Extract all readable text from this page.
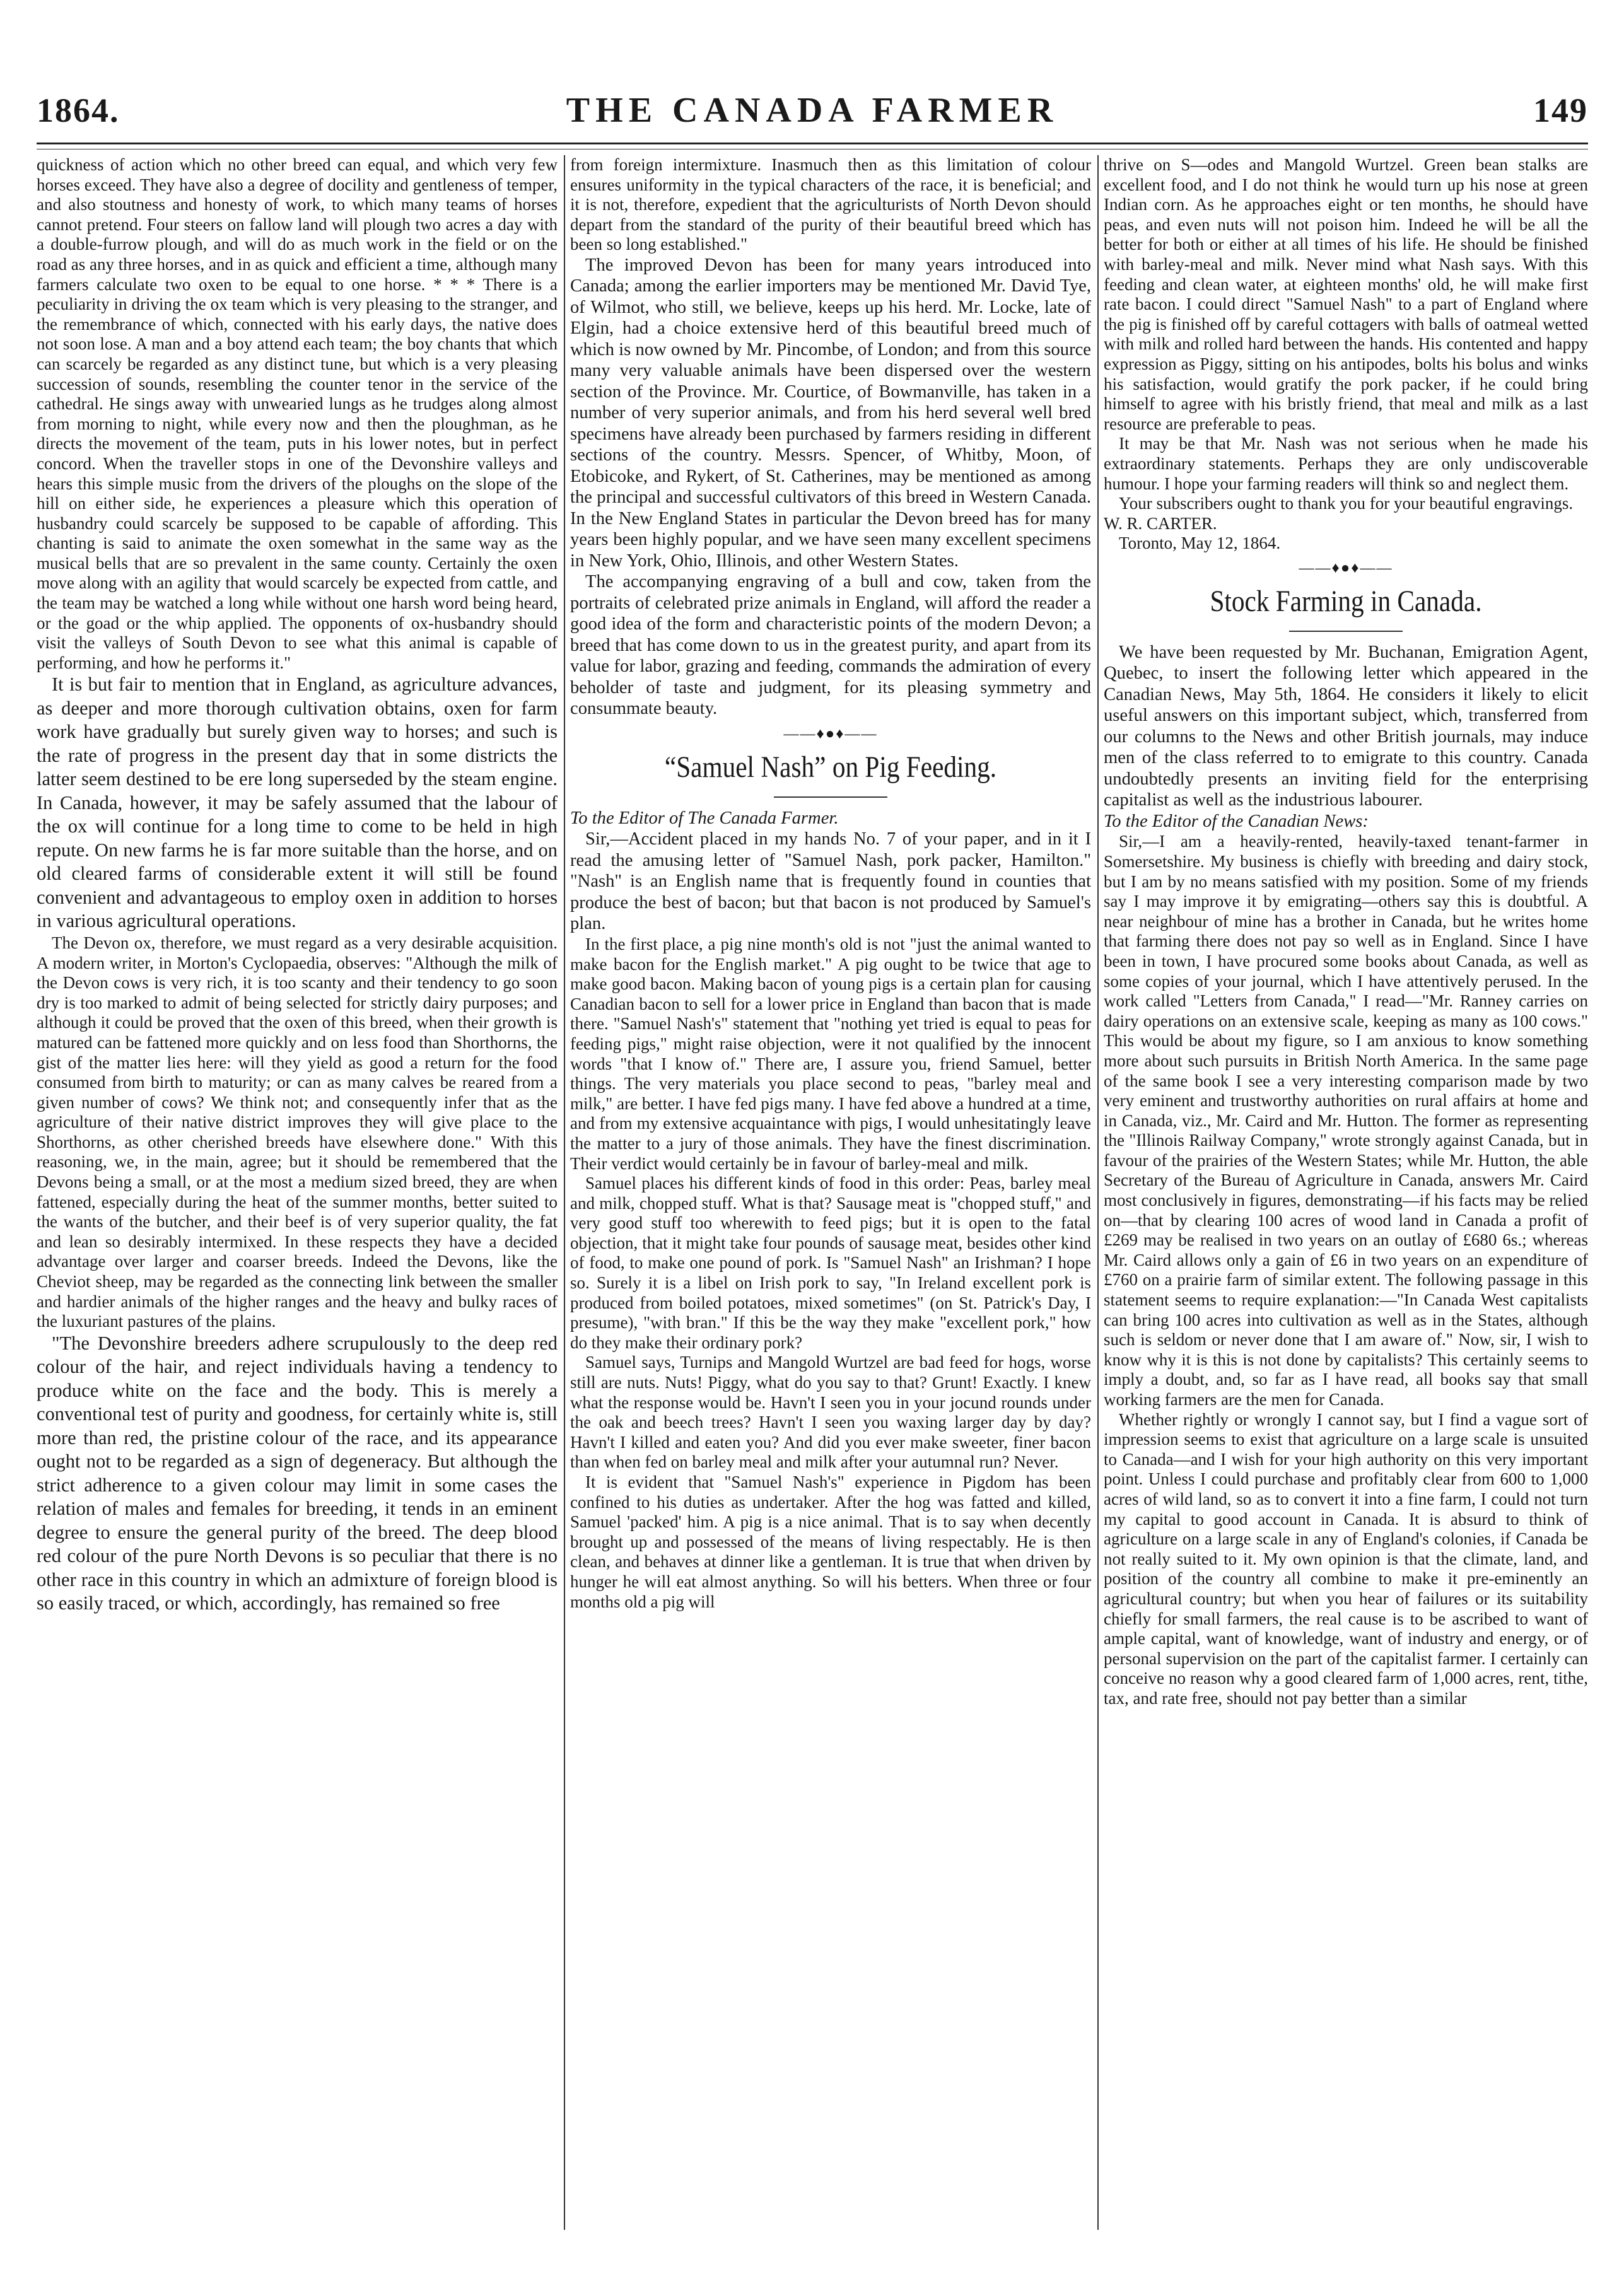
1864.	THE CANADA FARMER	149

quickness of action which no other breed can equal, and which very few horses exceed. They have also a degree of docility and gentleness of temper, and also stoutness and honesty of work, to which many teams of horses cannot pretend. Four steers on fallow land will plough two acres a day with a double-furrow plough, and will do as much work in the field or on the road as any three horses, and in as quick and efficient a time, although many farmers calculate two oxen to be equal to one horse. * * * There is a peculiarity in driving the ox team which is very pleasing to the stranger, and the remembrance of which, connected with his early days, the native does not soon lose. A man and a boy attend each team; the boy chants that which can scarcely be regarded as any distinct tune, but which is a very pleasing succession of sounds, resembling the counter tenor in the service of the cathedral. He sings away with unwearied lungs as he trudges along almost from morning to night, while every now and then the ploughman, as he directs the movement of the team, puts in his lower notes, but in perfect concord. When the traveller stops in one of the Devonshire valleys and hears this simple music from the drivers of the ploughs on the slope of the hill on either side, he experiences a pleasure which this operation of husbandry could scarcely be supposed to be capable of affording. This chanting is said to animate the oxen somewhat in the same way as the musical bells that are so prevalent in the same county. Certainly the oxen move along with an agility that would scarcely be expected from cattle, and the team may be watched a long while without one harsh word being heard, or the goad or the whip applied. The opponents of ox-husbandry should visit the valleys of South Devon to see what this animal is capable of performing, and how he performs it."

It is but fair to mention that in England, as agriculture advances, as deeper and more thorough cultivation obtains, oxen for farm work have gradually but surely given way to horses; and such is the rate of progress in the present day that in some districts the latter seem destined to be ere long superseded by the steam engine. In Canada, however, it may be safely assumed that the labour of the ox will continue for a long time to come to be held in high repute. On new farms he is far more suitable than the horse, and on old cleared farms of considerable extent it will still be found convenient and advantageous to employ oxen in addition to horses in various agricultural operations.

The Devon ox, therefore, we must regard as a very desirable acquisition. A modern writer, in Morton's Cyclopaedia, observes: "Although the milk of the Devon cows is very rich, it is too scanty and their tendency to go soon dry is too marked to admit of being selected for strictly dairy purposes; and although it could be proved that the oxen of this breed, when their growth is matured can be fattened more quickly and on less food than Shorthorns, the gist of the matter lies here: will they yield as good a return for the food consumed from birth to maturity; or can as many calves be reared from a given number of cows? We think not; and consequently infer that as the agriculture of their native district improves they will give place to the Shorthorns, as other cherished breeds have elsewhere done." With this reasoning, we, in the main, agree; but it should be remembered that the Devons being a small, or at the most a medium sized breed, they are when fattened, especially during the heat of the summer months, better suited to the wants of the butcher, and their beef is of very superior quality, the fat and lean so desirably intermixed. In these respects they have a decided advantage over larger and coarser breeds. Indeed the Devons, like the Cheviot sheep, may be regarded as the connecting link between the smaller and hardier animals of the higher ranges and the heavy and bulky races of the luxuriant pastures of the plains.

"The Devonshire breeders adhere scrupulously to the deep red colour of the hair, and reject individuals having a tendency to produce white on the face and the body. This is merely a conventional test of purity and goodness, for certainly white is, still more than red, the pristine colour of the race, and its appearance ought not to be regarded as a sign of degeneracy. But although the strict adherence to a given colour may limit in some cases the relation of males and females for breeding, it tends in an eminent degree to ensure the general purity of the breed. The deep blood red colour of the pure North Devons is so peculiar that there is no other race in this country in which an admixture of foreign blood is so easily traced, or which, accordingly, has remained so free

from foreign intermixture. Inasmuch then as this limitation of colour ensures uniformity in the typical characters of the race, it is beneficial; and it is not, therefore, expedient that the agriculturists of North Devon should depart from the standard of the purity of their beautiful breed which has been so long established."

The improved Devon has been for many years introduced into Canada; among the earlier importers may be mentioned Mr. David Tye, of Wilmot, who still, we believe, keeps up his herd. Mr. Locke, late of Elgin, had a choice extensive herd of this beautiful breed much of which is now owned by Mr. Pincombe, of London; and from this source many very valuable animals have been dispersed over the western section of the Province. Mr. Courtice, of Bowmanville, has taken in a number of very superior animals, and from his herd several well bred specimens have already been purchased by farmers residing in different sections of the country. Messrs. Spencer, of Whitby, Moon, of Etobicoke, and Rykert, of St. Catherines, may be mentioned as among the principal and successful cultivators of this breed in Western Canada. In the New England States in particular the Devon breed has for many years been highly popular, and we have seen many excellent specimens in New York, Ohio, Illinois, and other Western States.

The accompanying engraving of a bull and cow, taken from the portraits of celebrated prize animals in England, will afford the reader a good idea of the form and characteristic points of the modern Devon; a breed that has come down to us in the greatest purity, and apart from its value for labor, grazing and feeding, commands the admiration of every beholder of taste and judgment, for its pleasing symmetry and consummate beauty.

——♦●♦——
“Samuel Nash” on Pig Feeding.

To the Editor of The Canada Farmer.

Sir,—Accident placed in my hands No. 7 of your paper, and in it I read the amusing letter of "Samuel Nash, pork packer, Hamilton." "Nash" is an English name that is frequently found in counties that produce the best of bacon; but that bacon is not produced by Samuel's plan.

In the first place, a pig nine month's old is not "just the animal wanted to make bacon for the English market." A pig ought to be twice that age to make good bacon. Making bacon of young pigs is a certain plan for causing Canadian bacon to sell for a lower price in England than bacon that is made there. "Samuel Nash's" statement that "nothing yet tried is equal to peas for feeding pigs," might raise objection, were it not qualified by the innocent words "that I know of." There are, I assure you, friend Samuel, better things. The very materials you place second to peas, "barley meal and milk," are better. I have fed pigs many. I have fed above a hundred at a time, and from my extensive acquaintance with pigs, I would unhesitatingly leave the matter to a jury of those animals. They have the finest discrimination. Their verdict would certainly be in favour of barley-meal and milk.

Samuel places his different kinds of food in this order: Peas, barley meal and milk, chopped stuff. What is that? Sausage meat is "chopped stuff," and very good stuff too wherewith to feed pigs; but it is open to the fatal objection, that it might take four pounds of sausage meat, besides other kind of food, to make one pound of pork. Is "Samuel Nash" an Irishman? I hope so. Surely it is a libel on Irish pork to say, "In Ireland excellent pork is produced from boiled potatoes, mixed sometimes" (on St. Patrick's Day, I presume), "with bran." If this be the way they make "excellent pork," how do they make their ordinary pork?

Samuel says, Turnips and Mangold Wurtzel are bad feed for hogs, worse still are nuts. Nuts! Piggy, what do you say to that? Grunt! Exactly. I knew what the response would be. Havn't I seen you in your jocund rounds under the oak and beech trees? Havn't I seen you waxing larger day by day? Havn't I killed and eaten you? And did you ever make sweeter, finer bacon than when fed on barley meal and milk after your autumnal run? Never.

It is evident that "Samuel Nash's" experience in Pigdom has been confined to his duties as undertaker. After the hog was fatted and killed, Samuel 'packed' him. A pig is a nice animal. That is to say when decently brought up and possessed of the means of living respectably. He is then clean, and behaves at dinner like a gentleman. It is true that when driven by hunger he will eat almost anything. So will his betters. When three or four months old a pig will

thrive on S—odes and Mangold Wurtzel. Green bean stalks are excellent food, and I do not think he would turn up his nose at green Indian corn. As he approaches eight or ten months, he should have peas, and even nuts will not poison him. Indeed he will be all the better for both or either at all times of his life. He should be finished with barley-meal and milk. Never mind what Nash says. With this feeding and clean water, at eighteen months' old, he will make first rate bacon. I could direct "Samuel Nash" to a part of England where the pig is finished off by careful cottagers with balls of oatmeal wetted with milk and rolled hard between the hands. His contented and happy expression as Piggy, sitting on his antipodes, bolts his bolus and winks his satisfaction, would gratify the pork packer, if he could bring himself to agree with his bristly friend, that meal and milk as a last resource are preferable to peas.

It may be that Mr. Nash was not serious when he made his extraordinary statements. Perhaps they are only undiscoverable humour. I hope your farming readers will think so and neglect them.

Your subscribers ought to thank you for your beautiful engravings.

W. R. CARTER.

Toronto, May 12, 1864.

——♦●♦——
Stock Farming in Canada.

We have been requested by Mr. Buchanan, Emigration Agent, Quebec, to insert the following letter which appeared in the Canadian News, May 5th, 1864. He considers it likely to elicit useful answers on this important subject, which, transferred from our columns to the News and other British journals, may induce men of the class referred to to emigrate to this country. Canada undoubtedly presents an inviting field for the enterprising capitalist as well as the industrious labourer.

To the Editor of the Canadian News:

Sir,—I am a heavily-rented, heavily-taxed tenant-farmer in Somersetshire. My business is chiefly with breeding and dairy stock, but I am by no means satisfied with my position. Some of my friends say I may improve it by emigrating—others say this is doubtful. A near neighbour of mine has a brother in Canada, but he writes home that farming there does not pay so well as in England. Since I have been in town, I have procured some books about Canada, as well as some copies of your journal, which I have attentively perused. In the work called "Letters from Canada," I read—"Mr. Ranney carries on dairy operations on an extensive scale, keeping as many as 100 cows." This would be about my figure, so I am anxious to know something more about such pursuits in British North America. In the same page of the same book I see a very interesting comparison made by two very eminent and trustworthy authorities on rural affairs at home and in Canada, viz., Mr. Caird and Mr. Hutton. The former as representing the "Illinois Railway Company," wrote strongly against Canada, but in favour of the prairies of the Western States; while Mr. Hutton, the able Secretary of the Bureau of Agriculture in Canada, answers Mr. Caird most conclusively in figures, demonstrating—if his facts may be relied on—that by clearing 100 acres of wood land in Canada a profit of £269 may be realised in two years on an outlay of £680 6s.; whereas Mr. Caird allows only a gain of £6 in two years on an expenditure of £760 on a prairie farm of similar extent. The following passage in this statement seems to require explanation:—"In Canada West capitalists can bring 100 acres into cultivation as well as in the States, although such is seldom or never done that I am aware of." Now, sir, I wish to know why it is this is not done by capitalists? This certainly seems to imply a doubt, and, so far as I have read, all books say that small working farmers are the men for Canada.

Whether rightly or wrongly I cannot say, but I find a vague sort of impression seems to exist that agriculture on a large scale is unsuited to Canada—and I wish for your high authority on this very important point. Unless I could purchase and profitably clear from 600 to 1,000 acres of wild land, so as to convert it into a fine farm, I could not turn my capital to good account in Canada. It is absurd to think of agriculture on a large scale in any of England's colonies, if Canada be not really suited to it. My own opinion is that the climate, land, and position of the country all combine to make it pre-eminently an agricultural country; but when you hear of failures or its suitability chiefly for small farmers, the real cause is to be ascribed to want of ample capital, want of knowledge, want of industry and energy, or of personal supervision on the part of the capitalist farmer. I certainly can conceive no reason why a good cleared farm of 1,000 acres, rent, tithe, tax, and rate free, should not pay better than a similar
